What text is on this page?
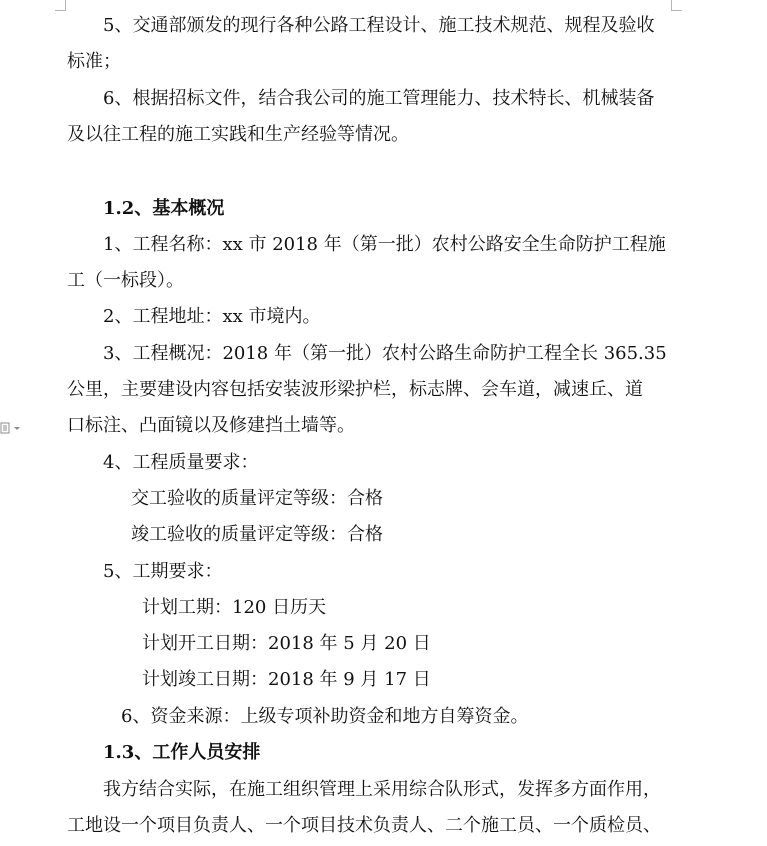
5、交通部颁发的现行各种公路工程设计、施工技术规范、规程及验收

标准；

6、根据招标文件，结合我公司的施工管理能力、技术特长、机械装备

及以往工程的施工实践和生产经验等情况。

1.2、基本概况

1、工程名称：xx 市 2018 年（第一批）农村公路安全生命防护工程施

工（一标段）。

2、工程地址：xx 市境内。

3、工程概况：2018 年（第一批）农村公路生命防护工程全长 365.35

公里，主要建设内容包括安装波形梁护栏，标志牌、会车道，减速丘、道

口标注、凸面镜以及修建挡土墙等。

4、工程质量要求：

交工验收的质量评定等级：合格

竣工验收的质量评定等级：合格

5、工期要求：

计划工期：120 日历天

计划开工日期：2018 年 5 月 20 日

计划竣工日期：2018 年 9 月 17 日

6、资金来源：上级专项补助资金和地方自筹资金。

1.3、工作人员安排

我方结合实际，在施工组织管理上采用综合队形式，发挥多方面作用，

工地设一个项目负责人、一个项目技术负责人、二个施工员、一个质检员、
